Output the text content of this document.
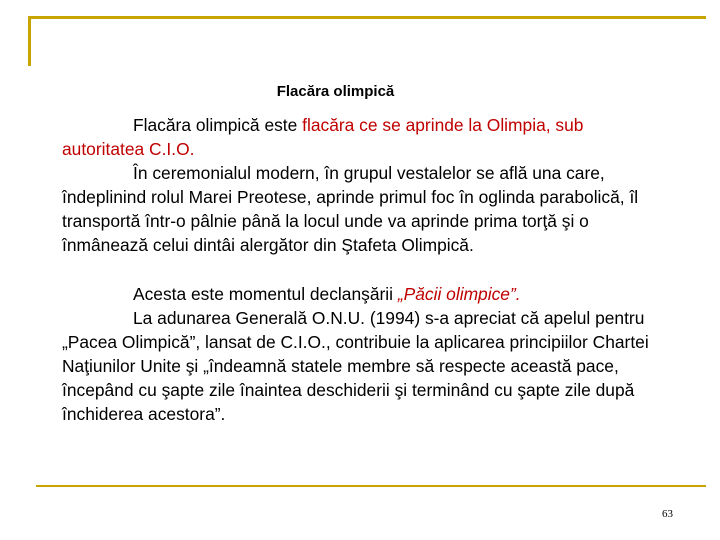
Flacăra olimpică

Flacăra olimpică este flacăra ce se aprinde la Olimpia, sub autoritatea C.I.O.

În ceremonialul modern, în grupul vestalelor se află una care, îndeplinind rolul Marei Preotese, aprinde primul foc în oglinda parabolică, îl transportă într-o pâlnie până la locul unde va aprinde prima torţă şi o înmânează celui dintâi alergător din Ştafeta Olimpică.

Acesta este momentul declanşării „Păcii olimpice”.

La adunarea Generală O.N.U. (1994) s-a apreciat că apelul pentru „Pacea Olimpică”, lansat de C.I.O., contribuie la aplicarea principiilor Chartei Naţiunilor Unite şi „îndeamnă statele membre să respecte această pace, începând cu şapte zile înaintea deschiderii şi terminând cu şapte zile după închiderea acestora”.

63
